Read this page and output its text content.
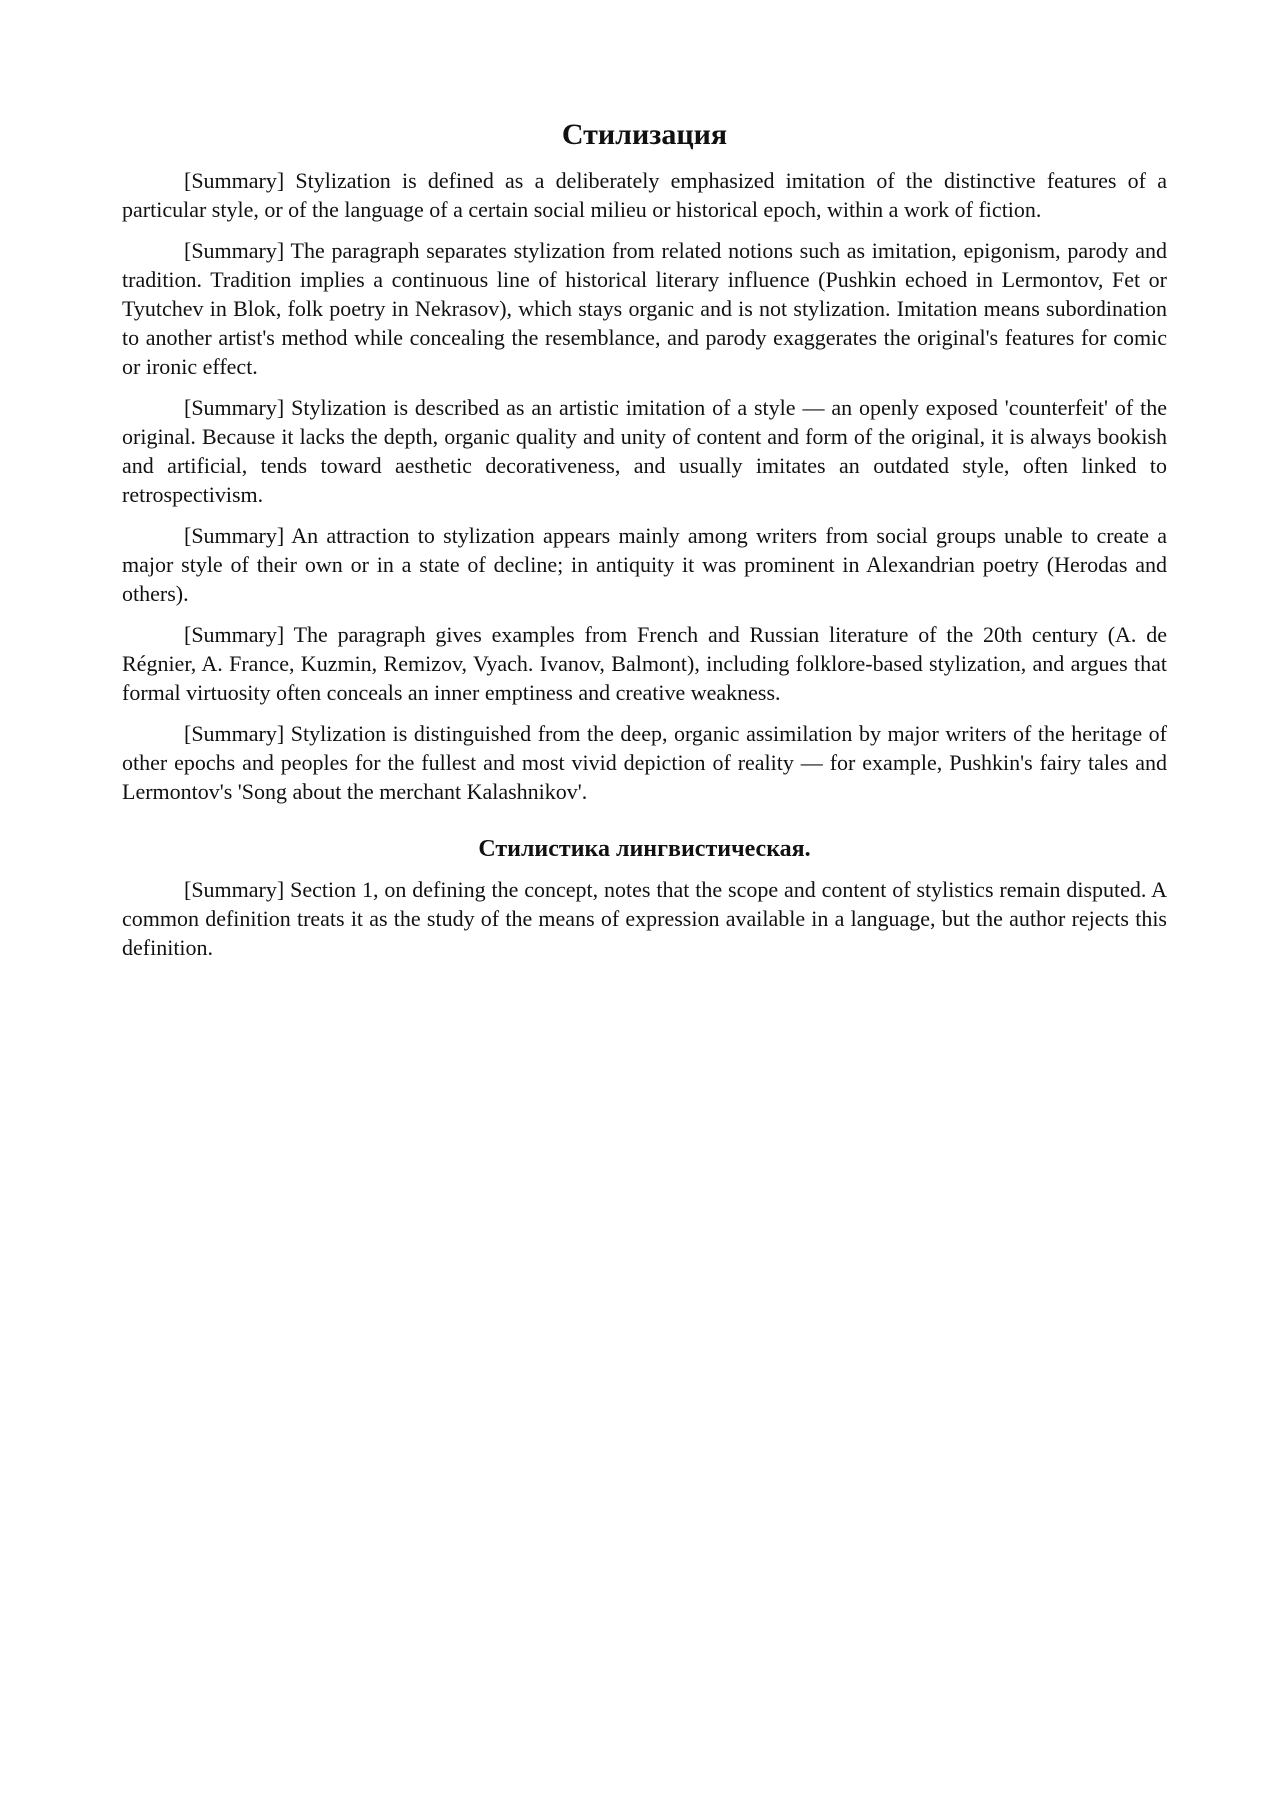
Стилизация

[Summary] Stylization is defined as a deliberately emphasized imitation of the distinctive features of a particular style, or of the language of a certain social milieu or historical epoch, within a work of fiction.

[Summary] The paragraph separates stylization from related notions such as imitation, epigonism, parody and tradition. Tradition implies a continuous line of historical literary influence (Pushkin echoed in Lermontov, Fet or Tyutchev in Blok, folk poetry in Nekrasov), which stays organic and is not stylization. Imitation means subordination to another artist's method while concealing the resemblance, and parody exaggerates the original's features for comic or ironic effect.

[Summary] Stylization is described as an artistic imitation of a style — an openly exposed 'counterfeit' of the original. Because it lacks the depth, organic quality and unity of content and form of the original, it is always bookish and artificial, tends toward aesthetic decorativeness, and usually imitates an outdated style, often linked to retrospectivism.

[Summary] An attraction to stylization appears mainly among writers from social groups unable to create a major style of their own or in a state of decline; in antiquity it was prominent in Alexandrian poetry (Herodas and others).

[Summary] The paragraph gives examples from French and Russian literature of the 20th century (A. de Régnier, A. France, Kuzmin, Remizov, Vyach. Ivanov, Balmont), including folklore-based stylization, and argues that formal virtuosity often conceals an inner emptiness and creative weakness.

[Summary] Stylization is distinguished from the deep, organic assimilation by major writers of the heritage of other epochs and peoples for the fullest and most vivid depiction of reality — for example, Pushkin's fairy tales and Lermontov's 'Song about the merchant Kalashnikov'.

Стилистика лингвистическая.

[Summary] Section 1, on defining the concept, notes that the scope and content of stylistics remain disputed. A common definition treats it as the study of the means of expression available in a language, but the author rejects this definition.
